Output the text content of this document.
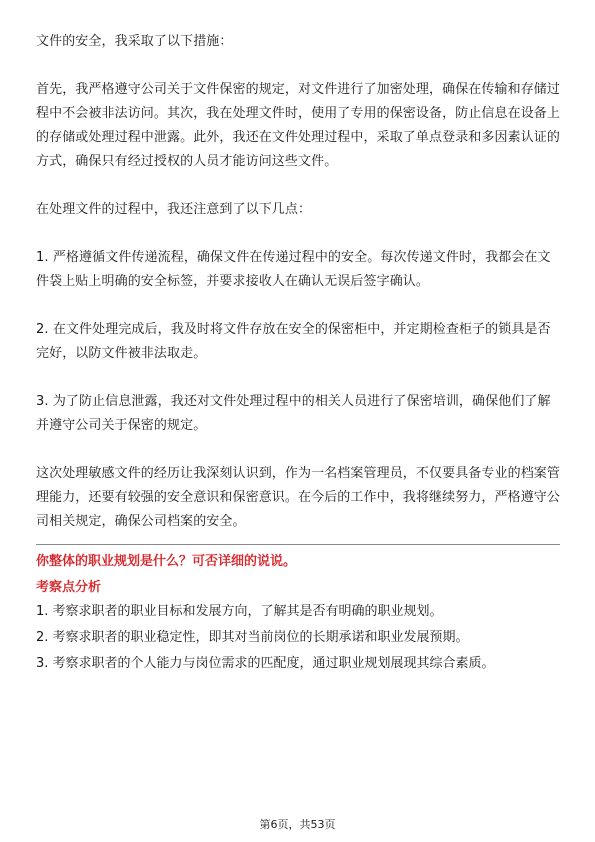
文件的安全，我采取了以下措施：

首先，我严格遵守公司关于文件保密的规定，对文件进行了加密处理，确保在传输和存储过程中不会被非法访问。其次，我在处理文件时，使用了专用的保密设备，防止信息在设备上的存储或处理过程中泄露。此外，我还在文件处理过程中，采取了单点登录和多因素认证的方式，确保只有经过授权的人员才能访问这些文件。

在处理文件的过程中，我还注意到了以下几点：

1. 严格遵循文件传递流程，确保文件在传递过程中的安全。每次传递文件时，我都会在文件袋上贴上明确的安全标签，并要求接收人在确认无误后签字确认。

2. 在文件处理完成后，我及时将文件存放在安全的保密柜中，并定期检查柜子的锁具是否完好，以防文件被非法取走。

3. 为了防止信息泄露，我还对文件处理过程中的相关人员进行了保密培训，确保他们了解并遵守公司关于保密的规定。

这次处理敏感文件的经历让我深刻认识到，作为一名档案管理员，不仅要具备专业的档案管理能力，还要有较强的安全意识和保密意识。在今后的工作中，我将继续努力，严格遵守公司相关规定，确保公司档案的安全。

你整体的职业规划是什么？可否详细的说说。

考察点分析

1. 考察求职者的职业目标和发展方向，了解其是否有明确的职业规划。

2. 考察求职者的职业稳定性，即其对当前岗位的长期承诺和职业发展预期。

3. 考察求职者的个人能力与岗位需求的匹配度，通过职业规划展现其综合素质。

第6页，共53页
